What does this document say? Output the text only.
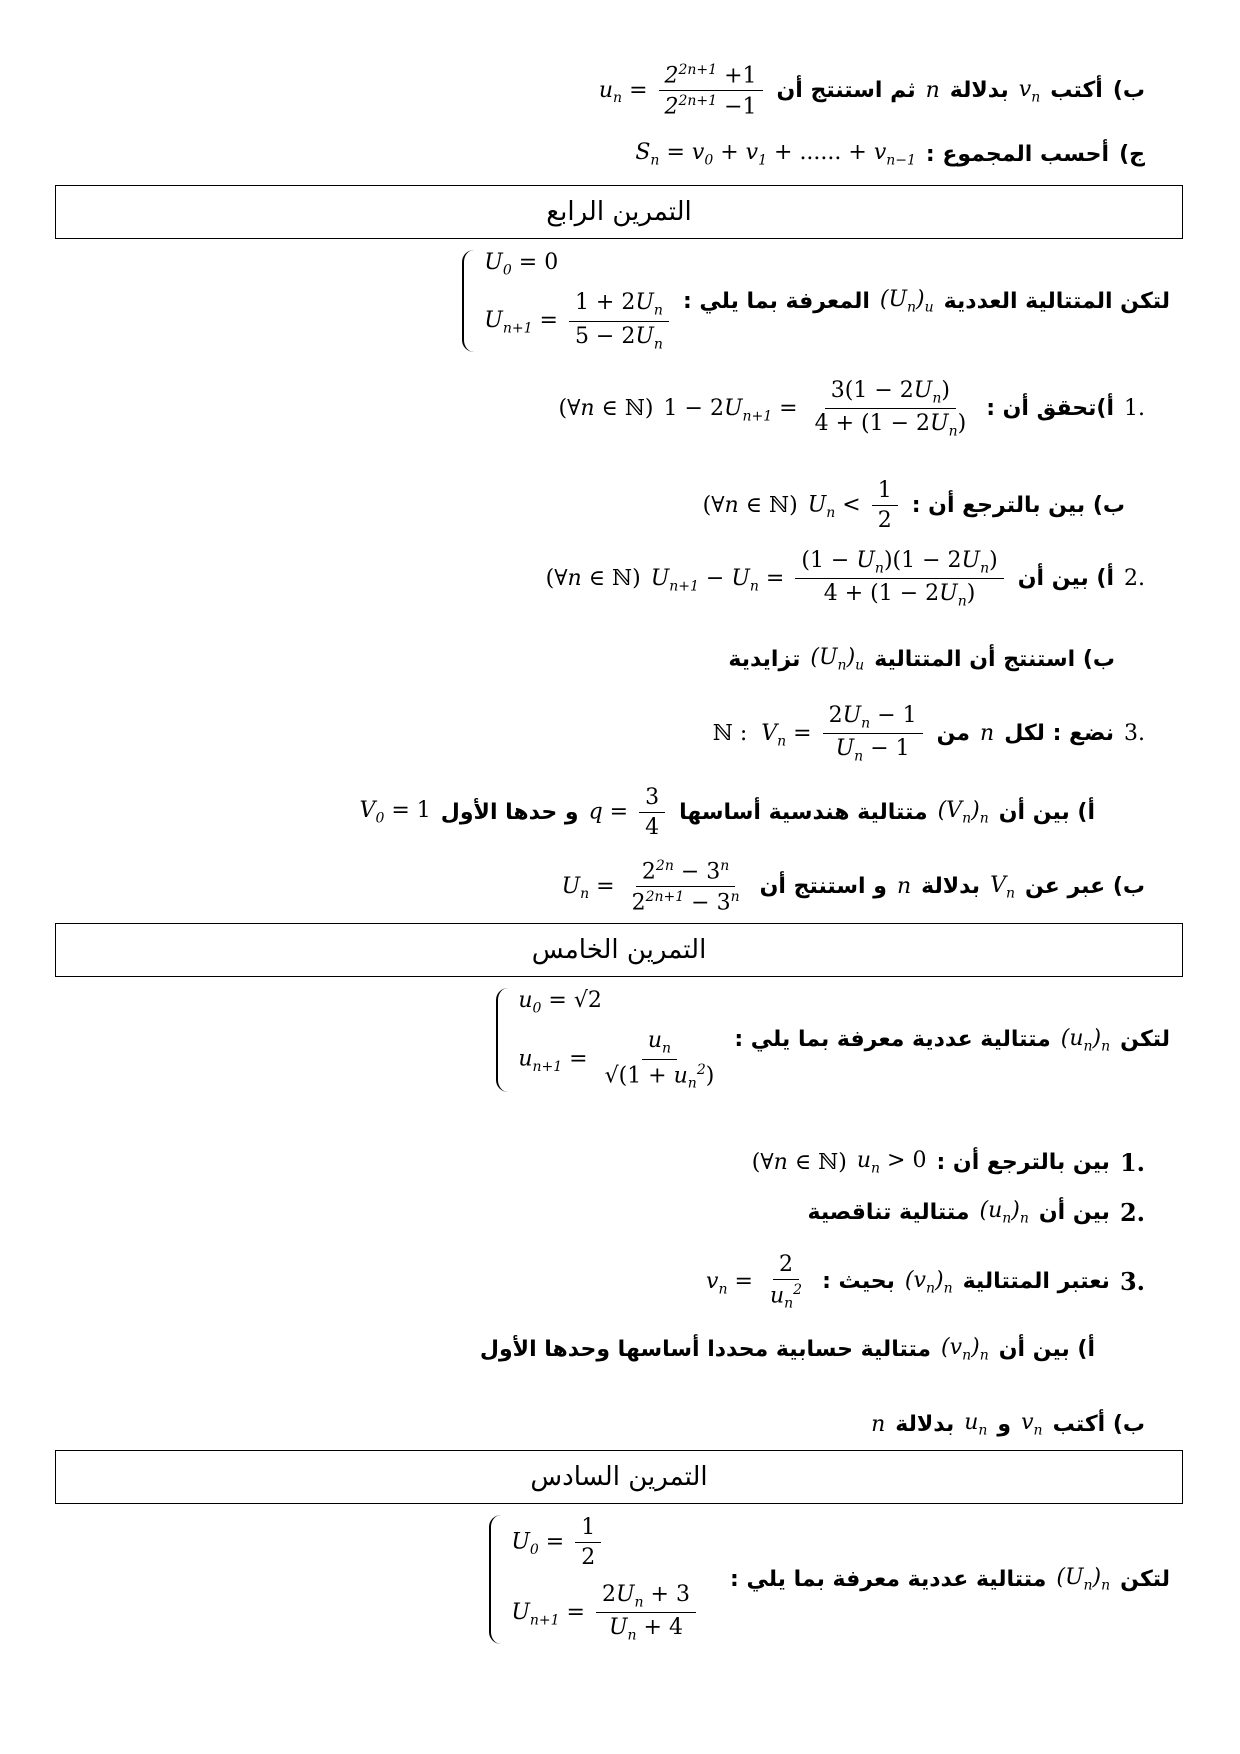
ب)
أكتب
$v_n$
بدلالة
n
ثم استنتج أن
$u_n = \frac{2^{2n+1} +1}{2^{2n+1} -1}$
ج)
أحسب المجموع :
$S_n = v_0 + v_1$ + ...... + $v_{n-1}$
التمرين الرابع
لتكن المتتالية العددية
$(U_n)_u$
المعرفة بما يلي :
$U_0 = 0$
$U_{n+1} = \frac{1 + 2U_n}{5 - 2U_n}$
1.
أ)تحقق أن :
$1 - 2U_{n+1} = \frac{3(1 - 2U_n)}{4 + (1 - 2U_n)}$
(∀n ∈ ℕ)
ب) بين بالترجع أن :
$U_n < \frac{1}{2}$
(∀n ∈ ℕ)
2.
أ) بين أن
$U_{n+1} - U_n = \frac{(1 - U_n)(1 - 2U_n)}{4 + (1 - 2U_n)}$
(∀n ∈ ℕ)
ب) استنتج أن المتتالية
$(U_n)_u$
تزايدية
3.
نضع : لكل
n
من
ℕ :  $V_n = \frac{2U_n - 1}{U_n - 1}$
أ) بين أن
$(V_n)_n$
متتالية هندسية أساسها
$q = \frac{3}{4}$
و حدها الأول
$V_0 = 1$
ب) عبر عن
$V_n$
بدلالة
n
و استنتج أن
$U_n = \frac{2^{2n} - 3^n}{2^{2n+1} - 3^n}$
التمرين الخامس
لتكن
$(u_n)_n$
متتالية عددية معرفة بما يلي :
$u_0 = √2$
$u_{n+1} = \frac{u_n}{√(1 + u_n^2)}$
1.
بين بالترجع أن :
$u_n > 0$
(∀n ∈ ℕ)
2.
بين أن
$(u_n)_n$
متتالية تناقصية
3.
نعتبر المتتالية
$(v_n)_n$
بحيث :
$v_n = \frac{2}{u_n^2}$
أ) بين أن
$(v_n)_n$
متتالية حسابية محددا أساسها وحدها الأول
ب) أكتب
$v_n$
و
$u_n$
بدلالة
n
التمرين السادس
لتكن
$(U_n)_n$
متتالية عددية معرفة بما يلي :
$U_0 = \frac{1}{2}$
$U_{n+1} = \frac{2U_n + 3}{U_n + 4}$
